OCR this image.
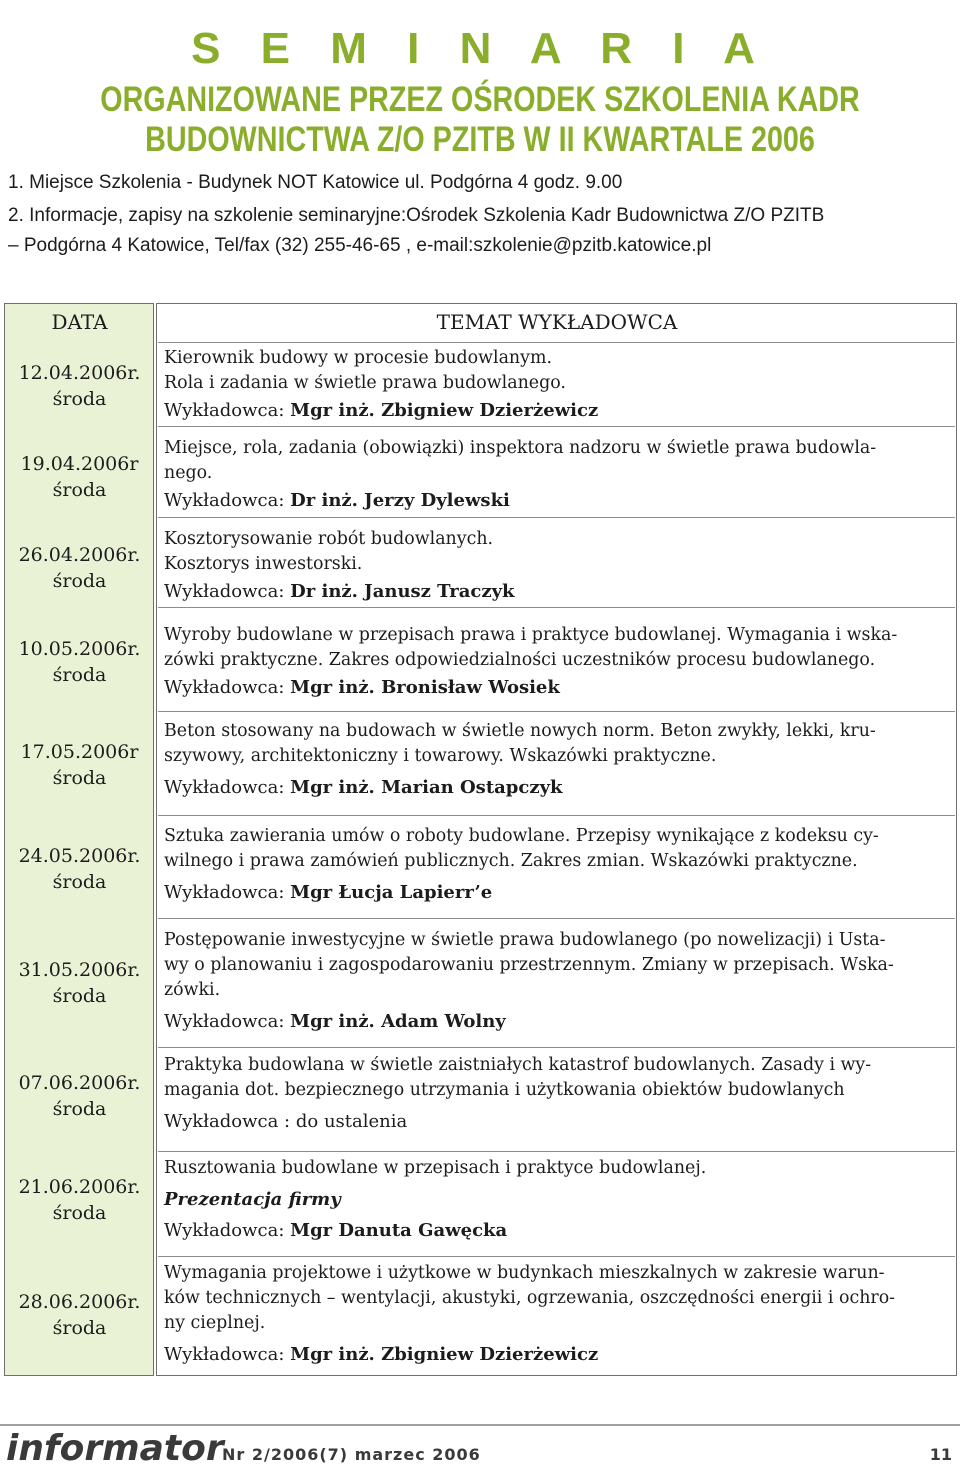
S E M I N A R I A
ORGANIZOWANE PRZEZ OŚRODEK SZKOLENIA KADR
BUDOWNICTWA Z/O PZITB W II KWARTALE 2006
1. Miejsce Szkolenia - Budynek NOT Katowice ul. Podgórna 4 godz. 9.00
2. Informacje, zapisy na szkolenie seminaryjne:Ośrodek Szkolenia Kadr Budownictwa Z/O PZITB
– Podgórna 4 Katowice, Tel/fax (32) 255-46-65 , e-mail:szkolenie@pzitb.katowice.pl
DATA	TEMAT WYKŁADOWCA
12.04.2006r.
środa
19.04.2006r
środa
26.04.2006r.
środa
10.05.2006r.
środa
17.05.2006r
środa
24.05.2006r.
środa
31.05.2006r.
środa
07.06.2006r.
środa
21.06.2006r.
środa
28.06.2006r.
środa
Kierownik budowy w procesie budowlanym.
Rola i zadania w świetle prawa budowlanego.
Wykładowca: Mgr inż. Zbigniew Dzierżewicz
Miejsce, rola, zadania (obowiązki) inspektora nadzoru w świetle prawa budowla-
nego.
Wykładowca: Dr inż. Jerzy Dylewski
Kosztorysowanie robót budowlanych.
Kosztorys inwestorski.
Wykładowca: Dr inż. Janusz Traczyk
Wyroby budowlane w przepisach prawa i praktyce budowlanej. Wymagania i wska-
zówki praktyczne. Zakres odpowiedzialności uczestników procesu budowlanego.
Wykładowca: Mgr inż. Bronisław Wosiek
Beton stosowany na budowach w świetle nowych norm. Beton zwykły, lekki, kru-
szywowy, architektoniczny i towarowy. Wskazówki praktyczne.
Wykładowca: Mgr inż. Marian Ostapczyk
Sztuka zawierania umów o roboty budowlane. Przepisy wynikające z kodeksu cy-
wilnego i prawa zamówień publicznych. Zakres zmian. Wskazówki praktyczne.
Wykładowca: Mgr Łucja Lapierr’e
Postępowanie inwestycyjne w świetle prawa budowlanego (po nowelizacji) i Usta-
wy o planowaniu i zagospodarowaniu przestrzennym. Zmiany w przepisach. Wska-
zówki.
Wykładowca: Mgr inż. Adam Wolny
Praktyka budowlana w świetle zaistniałych katastrof budowlanych. Zasady i wy-
magania dot. bezpiecznego utrzymania i użytkowania obiektów budowlanych
Wykładowca : do ustalenia
Rusztowania budowlane w przepisach i praktyce budowlanej.
Prezentacja firmy
Wykładowca: Mgr Danuta Gawęcka
Wymagania projektowe i użytkowe w budynkach mieszkalnych w zakresie warun-
ków technicznych – wentylacji, akustyki, ogrzewania, oszczędności energii i ochro-
ny cieplnej.
Wykładowca: Mgr inż. Zbigniew Dzierżewicz
informator
Nr 2/2006(7) marzec 2006	11
